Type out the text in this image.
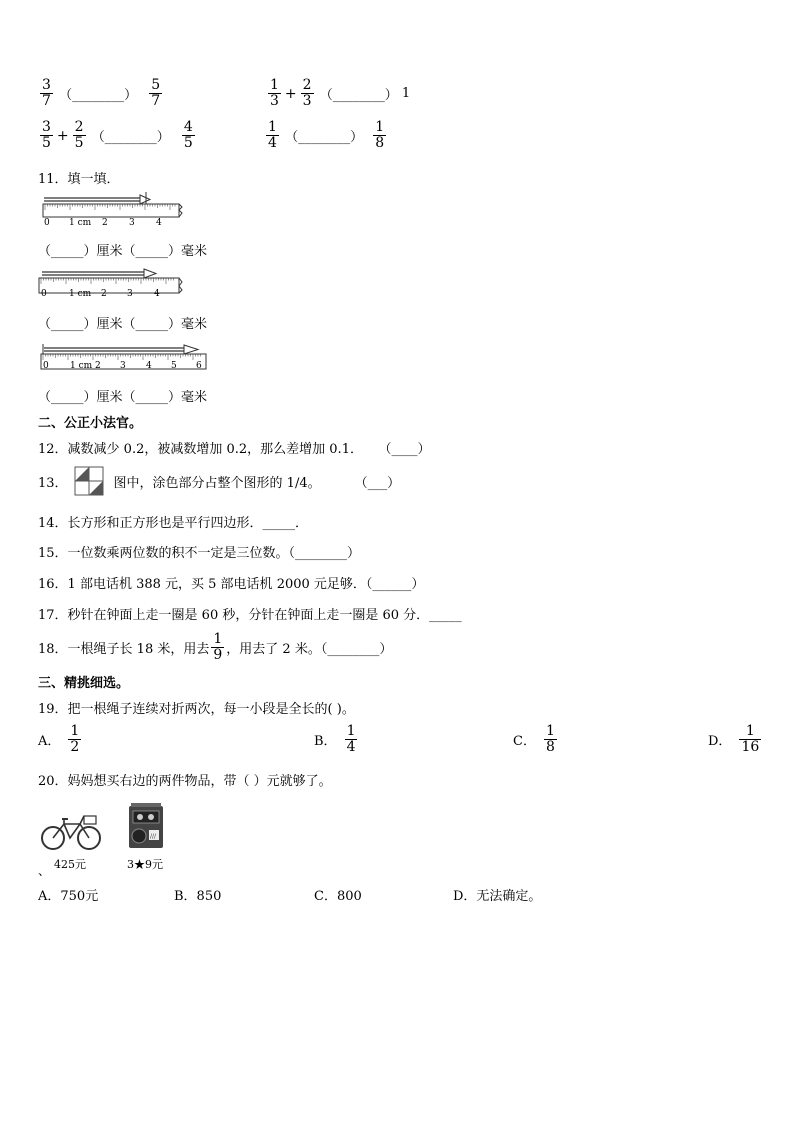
$\frac{3}{7}$ （________） $\frac{5}{7}$	$\frac{1}{3} + \frac{2}{3}$ （________） 1
$\frac{3}{5} + \frac{2}{5}$ （________） $\frac{4}{5}$	$\frac{1}{4}$ （________） $\frac{1}{8}$
11．填一填．
0 1 cm 2 3 4
（_____）厘米（_____）毫米
0 1 cm 2 3 4
（_____）厘米（_____）毫米
0 1 cm 2 3 4 5 6
（_____）厘米（_____）毫米
二、公正小法官。
12．减数减少 0.2，被减数增加 0.2，那么差增加 0.1． （____）
13．	图中，涂色部分占整个图形的 1/4。	（___）
14．长方形和正方形也是平行四边形．_____．
15．一位数乘两位数的积不一定是三位数。（________）
16．1 部电话机 388 元，买 5 部电话机 2000 元足够．（______）
17．秒针在钟面上走一圈是 60 秒，分针在钟面上走一圈是 60 分．_____
18．一根绳子长 18 米，用去 $\frac{1}{9}$ ，用去了 2 米。（________）
三、精挑细选。
19．把一根绳子连续对折两次，每一小段是全长的( )。
A． $\frac{1}{2}$	B． $\frac{1}{4}$	C． $\frac{1}{8}$	D． $\frac{1}{16}$
20．妈妈想买右边的两件物品，带（ ）元就够了。
425元
、
///
3★9元
A．750元	B．850	C．800	D．无法确定。
